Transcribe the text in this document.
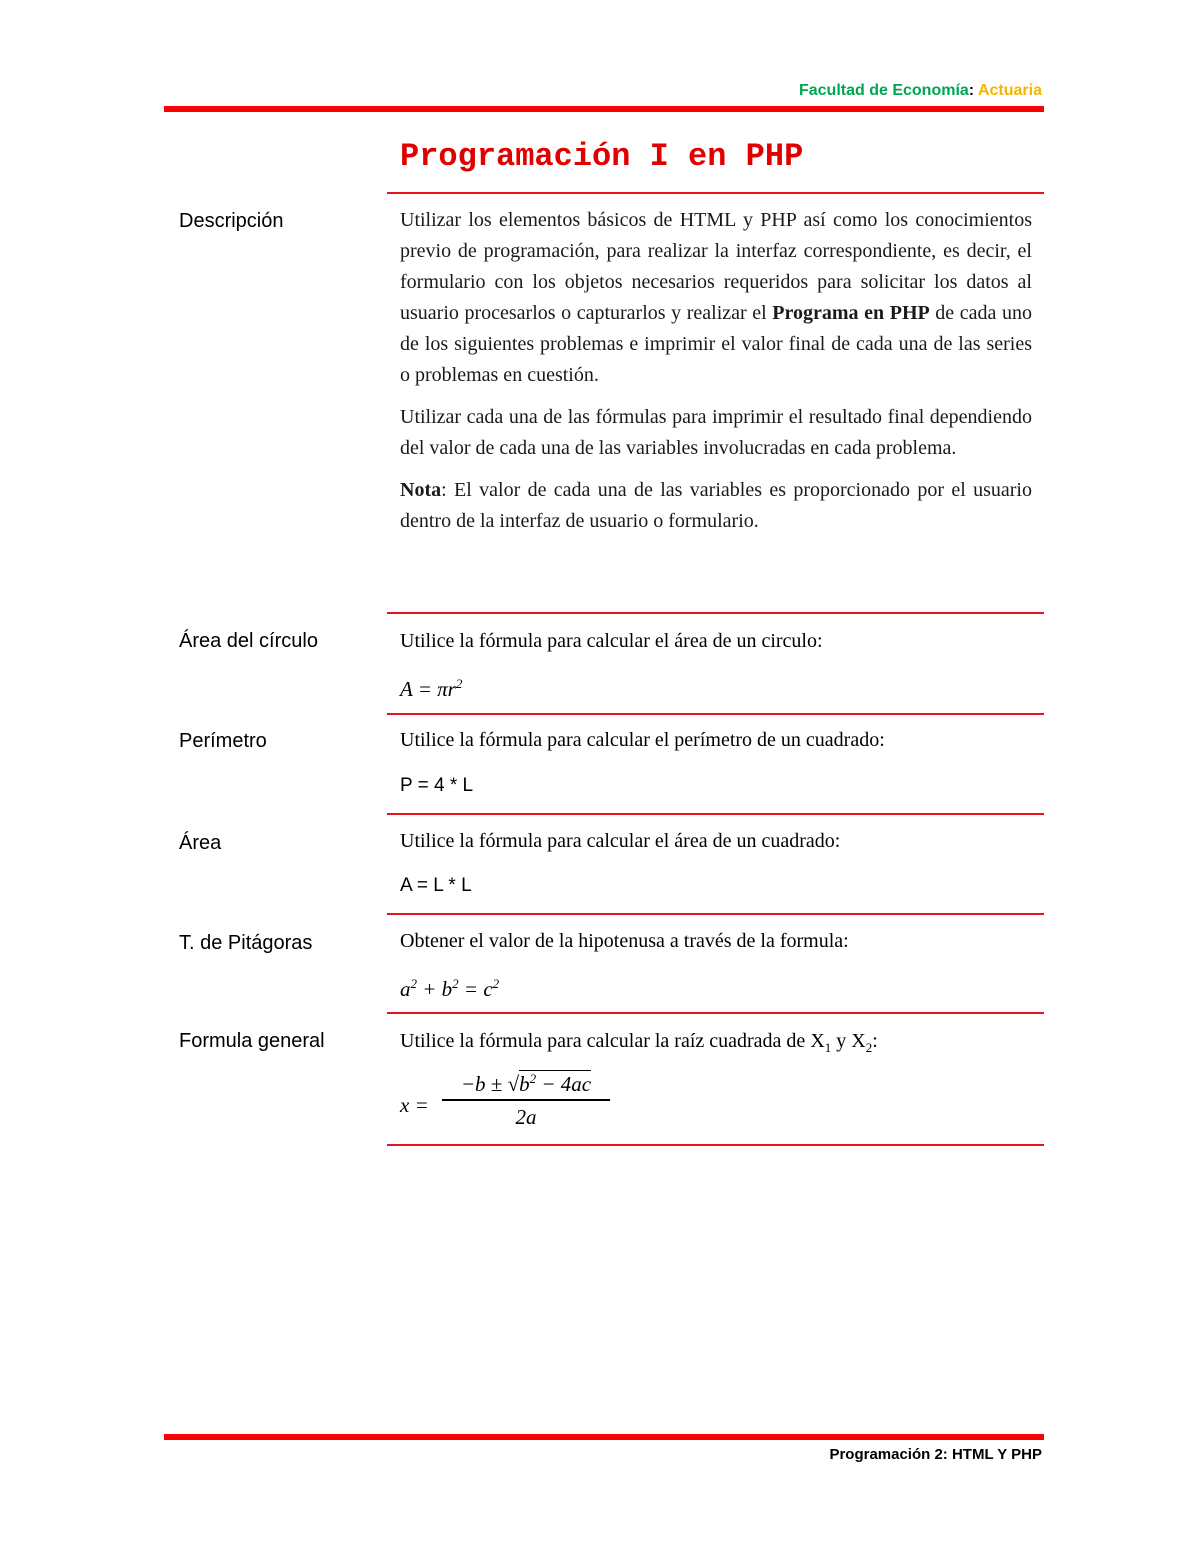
Facultad de Economía: Actuaria
Programación I en PHP
Descripción	Utilizar los elementos básicos de HTML y PHP así como los conocimientos previo de programación, para realizar la interfaz correspondiente, es decir, el formulario con los objetos necesarios requeridos para solicitar los datos al usuario procesarlos o capturarlos y realizar el Programa en PHP de cada uno de los siguientes problemas e imprimir el valor final de cada una de las series o problemas en cuestión.

Utilizar cada una de las fórmulas para imprimir el resultado final dependiendo del valor de cada una de las variables involucradas en cada problema.

Nota: El valor de cada una de las variables es proporcionado por el usuario dentro de la interfaz de usuario o formulario.

Área del círculo	Utilice la fórmula para calcular el área de un circulo:
$A = \pi r^2$
Perímetro	Utilice la fórmula para calcular el perímetro de un cuadrado:
P = 4 * L
Área	Utilice la fórmula para calcular el área de un cuadrado:
A = L * L
T. de Pitágoras	Obtener el valor de la hipotenusa a través de la formula:
$a^2 + b^2 = c^2$
Formula general	Utilice la fórmula para calcular la raíz cuadrada de $X_1$ y $X_2$:
$x = \frac{-b \pm √b^2 - 4ac}{2a}$
Programación 2: HTML Y PHP
